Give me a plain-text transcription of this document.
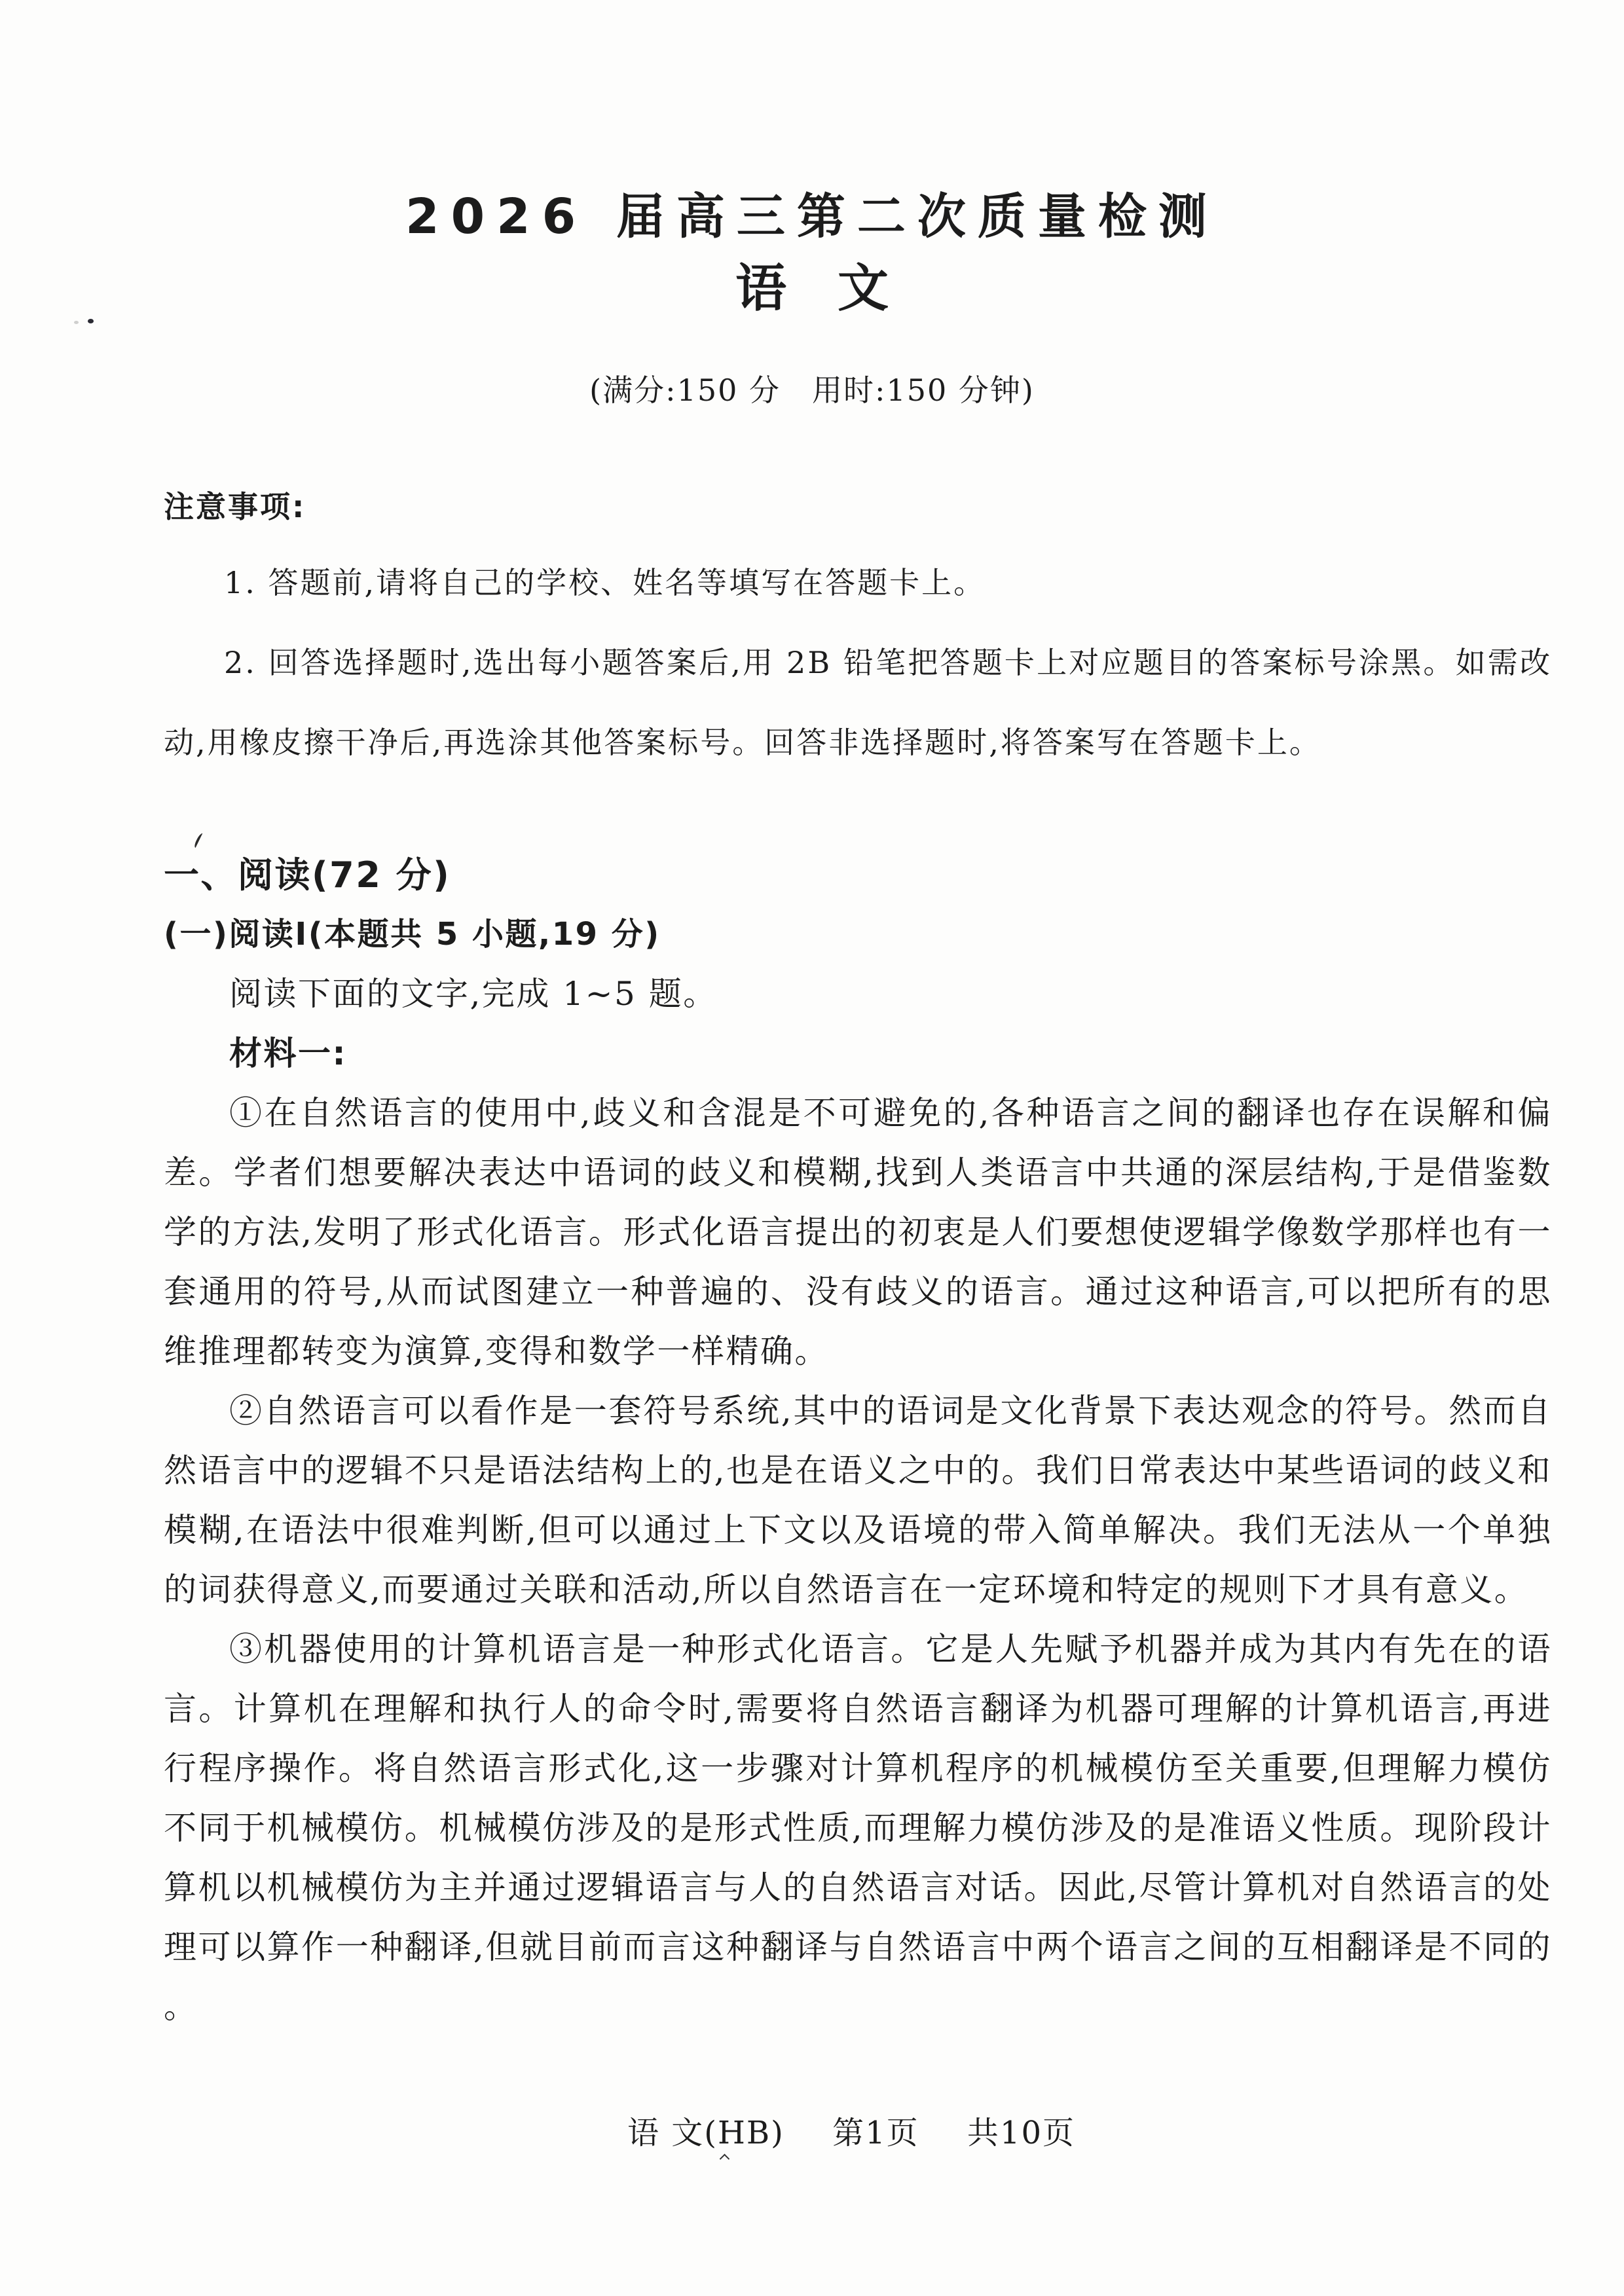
2026 届高三第二次质量检测
语　文
(满分:150 分　用时:150 分钟)
注意事项:

1. 答题前,请将自己的学校、姓名等填写在答题卡上。

2. 回答选择题时,选出每小题答案后,用 2B 铅笔把答题卡上对应题目的答案标号涂黑。如需改动,用橡皮擦干净后,再选涂其他答案标号。回答非选择题时,将答案写在答题卡上。

一、阅读(72 分)

(一)阅读Ⅰ(本题共 5 小题,19 分)

阅读下面的文字,完成 1~5 题。

材料一:

①在自然语言的使用中,歧义和含混是不可避免的,各种语言之间的翻译也存在误解和偏差。学者们想要解决表达中语词的歧义和模糊,找到人类语言中共通的深层结构,于是借鉴数学的方法,发明了形式化语言。形式化语言提出的初衷是人们要想使逻辑学像数学那样也有一套通用的符号,从而试图建立一种普遍的、没有歧义的语言。通过这种语言,可以把所有的思维推理都转变为演算,变得和数学一样精确。

②自然语言可以看作是一套符号系统,其中的语词是文化背景下表达观念的符号。然而自然语言中的逻辑不只是语法结构上的,也是在语义之中的。我们日常表达中某些语词的歧义和模糊,在语法中很难判断,但可以通过上下文以及语境的带入简单解决。我们无法从一个单独的词获得意义,而要通过关联和活动,所以自然语言在一定环境和特定的规则下才具有意义。

③机器使用的计算机语言是一种形式化语言。它是人先赋予机器并成为其内有先在的语言。计算机在理解和执行人的命令时,需要将自然语言翻译为机器可理解的计算机语言,再进行程序操作。将自然语言形式化,这一步骤对计算机程序的机械模仿至关重要,但理解力模仿不同于机械模仿。机械模仿涉及的是形式性质,而理解力模仿涉及的是准语义性质。现阶段计算机以机械模仿为主并通过逻辑语言与人的自然语言对话。因此,尽管计算机对自然语言的处理可以算作一种翻译,但就目前而言这种翻译与自然语言中两个语言之间的互相翻译是不同的。

语 文(HB) 第1页 共10页
